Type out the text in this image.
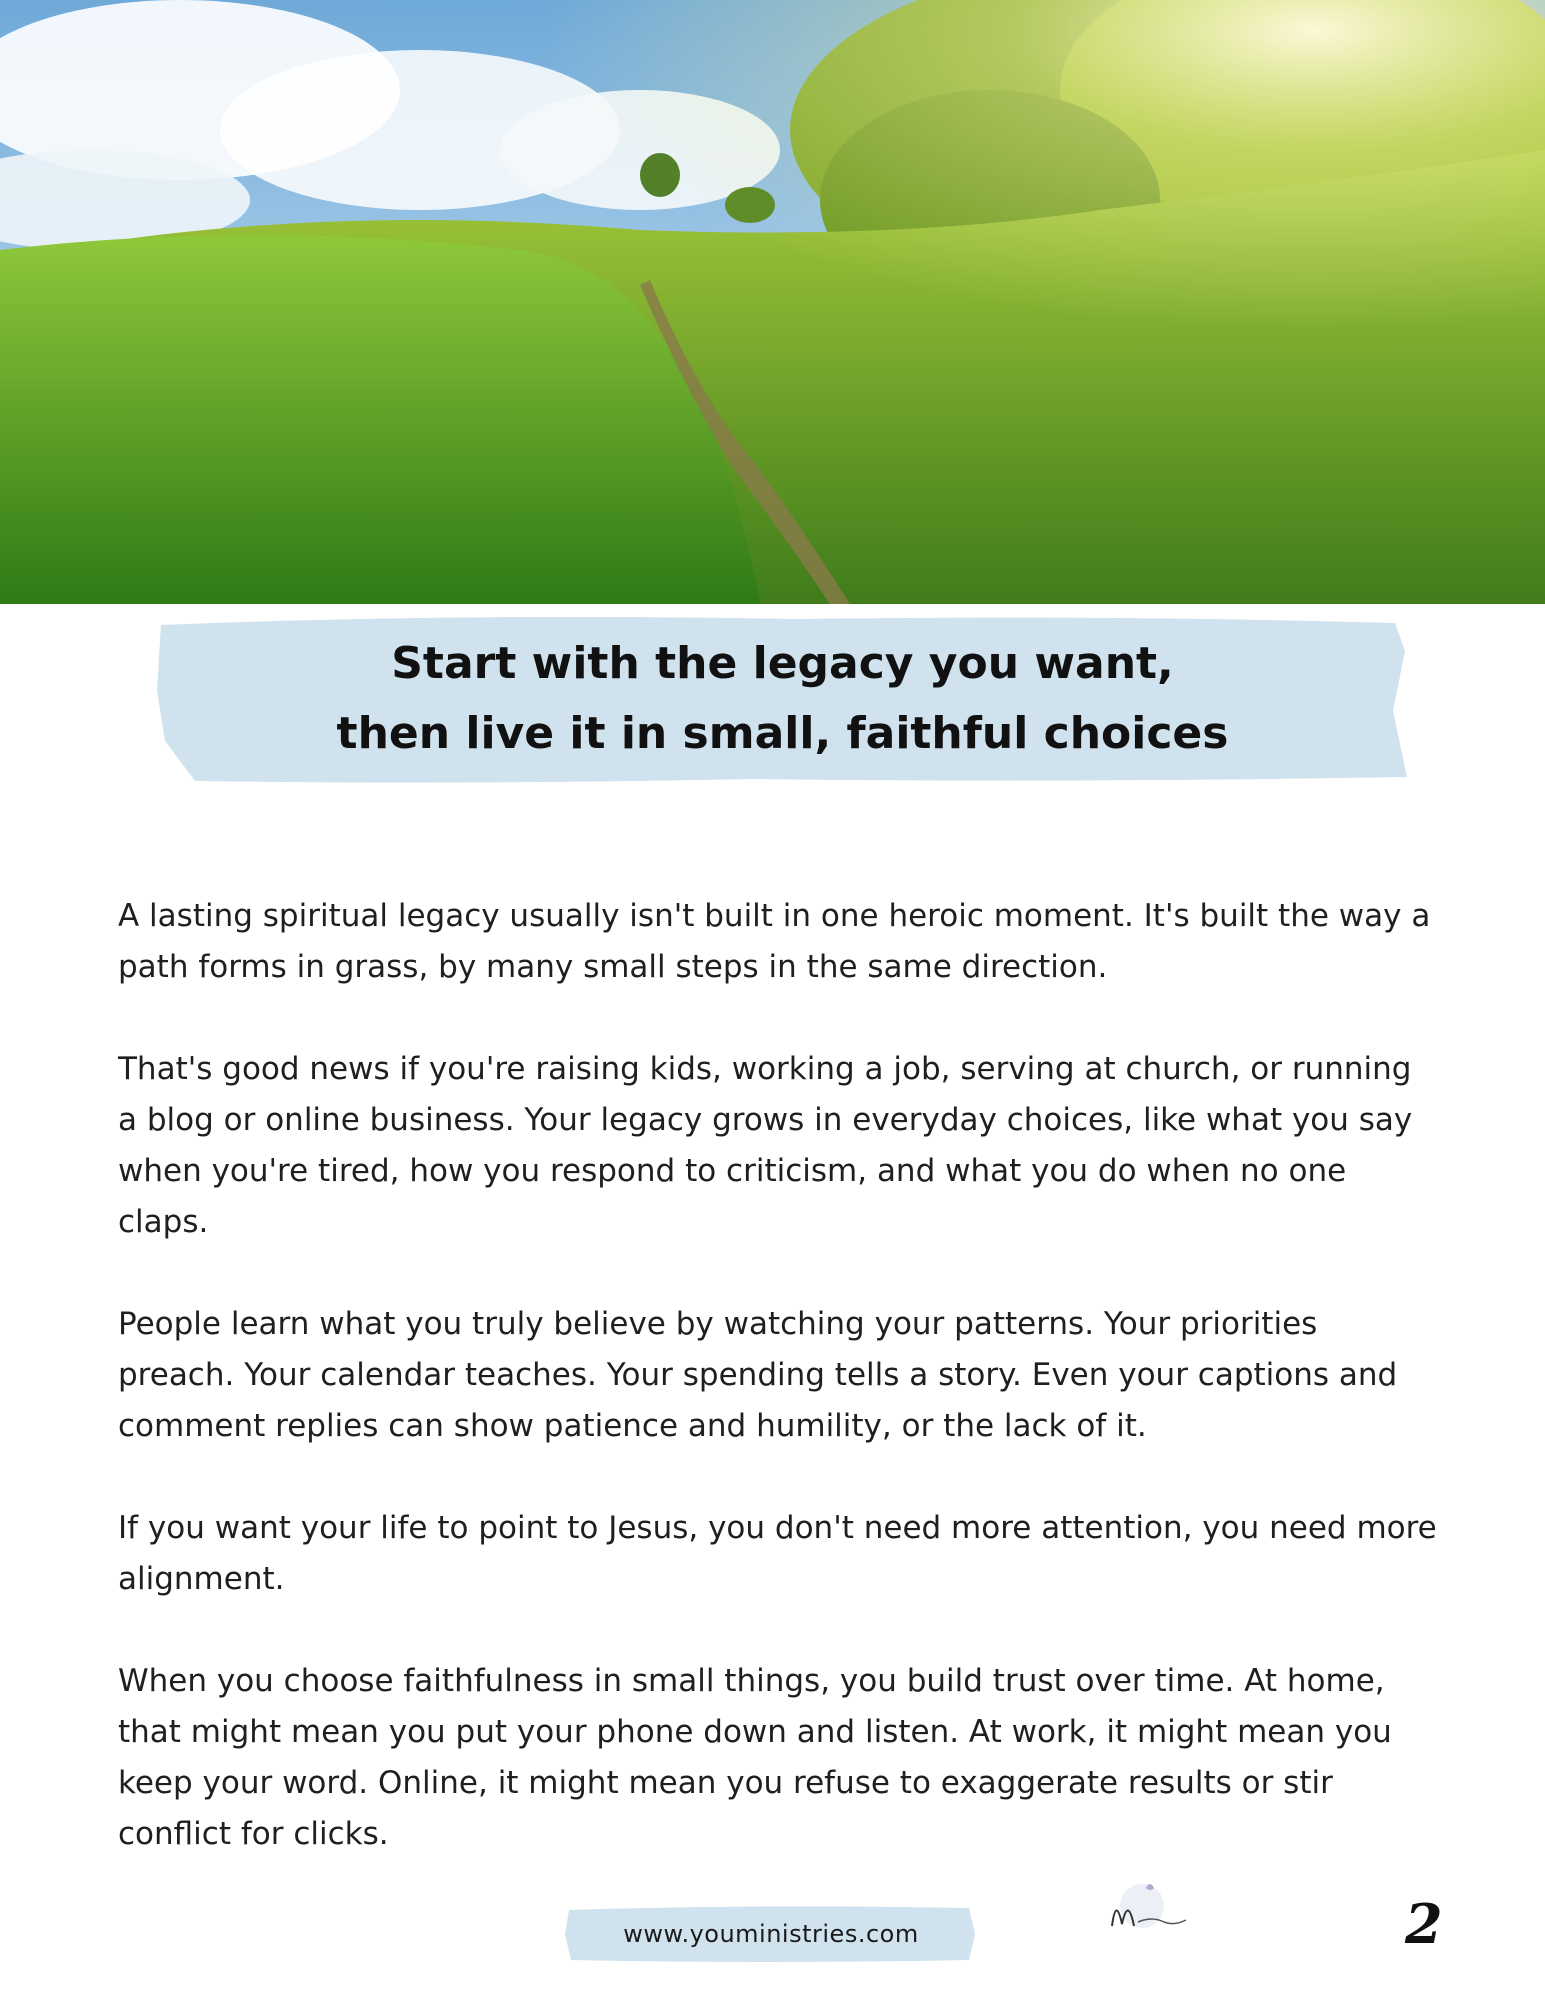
Start with the legacy you want,
then live it in small, faithful choices

A lasting spiritual legacy usually isn't built in one heroic moment. It's built the way a path forms in grass, by many small steps in the same direction.

That's good news if you're raising kids, working a job, serving at church, or running a blog or online business. Your legacy grows in everyday choices, like what you say when you're tired, how you respond to criticism, and what you do when no one claps.

People learn what you truly believe by watching your patterns. Your priorities preach. Your calendar teaches. Your spending tells a story. Even your captions and comment replies can show patience and humility, or the lack of it.

If you want your life to point to Jesus, you don't need more attention, you need more alignment.

When you choose faithfulness in small things, you build trust over time. At home, that might mean you put your phone down and listen. At work, it might mean you keep your word. Online, it might mean you refuse to exaggerate results or stir conflict for clicks.

www.youministries.com	2
